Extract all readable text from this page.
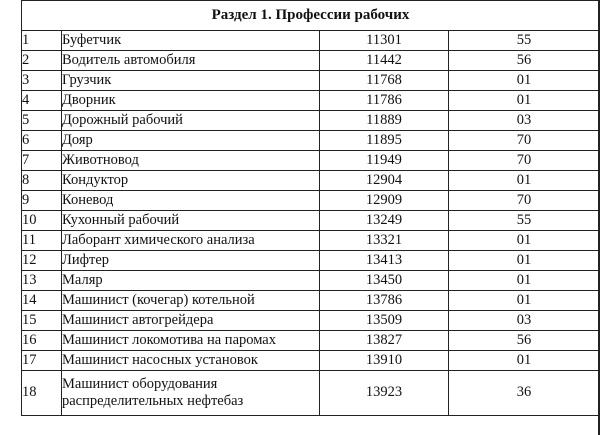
Раздел 1. Профессии рабочих			
1	Буфетчик	11301	55
2	Водитель автомобиля	11442	56
3	Грузчик	11768	01
4	Дворник	11786	01
5	Дорожный рабочий	11889	03
6	Дояр	11895	70
7	Животновод	11949	70
8	Кондуктор	12904	01
9	Коневод	12909	70
10	Кухонный рабочий	13249	55
11	Лаборант химического анализа	13321	01
12	Лифтер	13413	01
13	Маляр	13450	01
14	Машинист (кочегар) котельной	13786	01
15	Машинист автогрейдера	13509	03
16	Машинист локомотива на паромах	13827	56
17	Машинист насосных установок	13910	01
18	Машинист оборудования распределительных нефтебаз	13923	36
